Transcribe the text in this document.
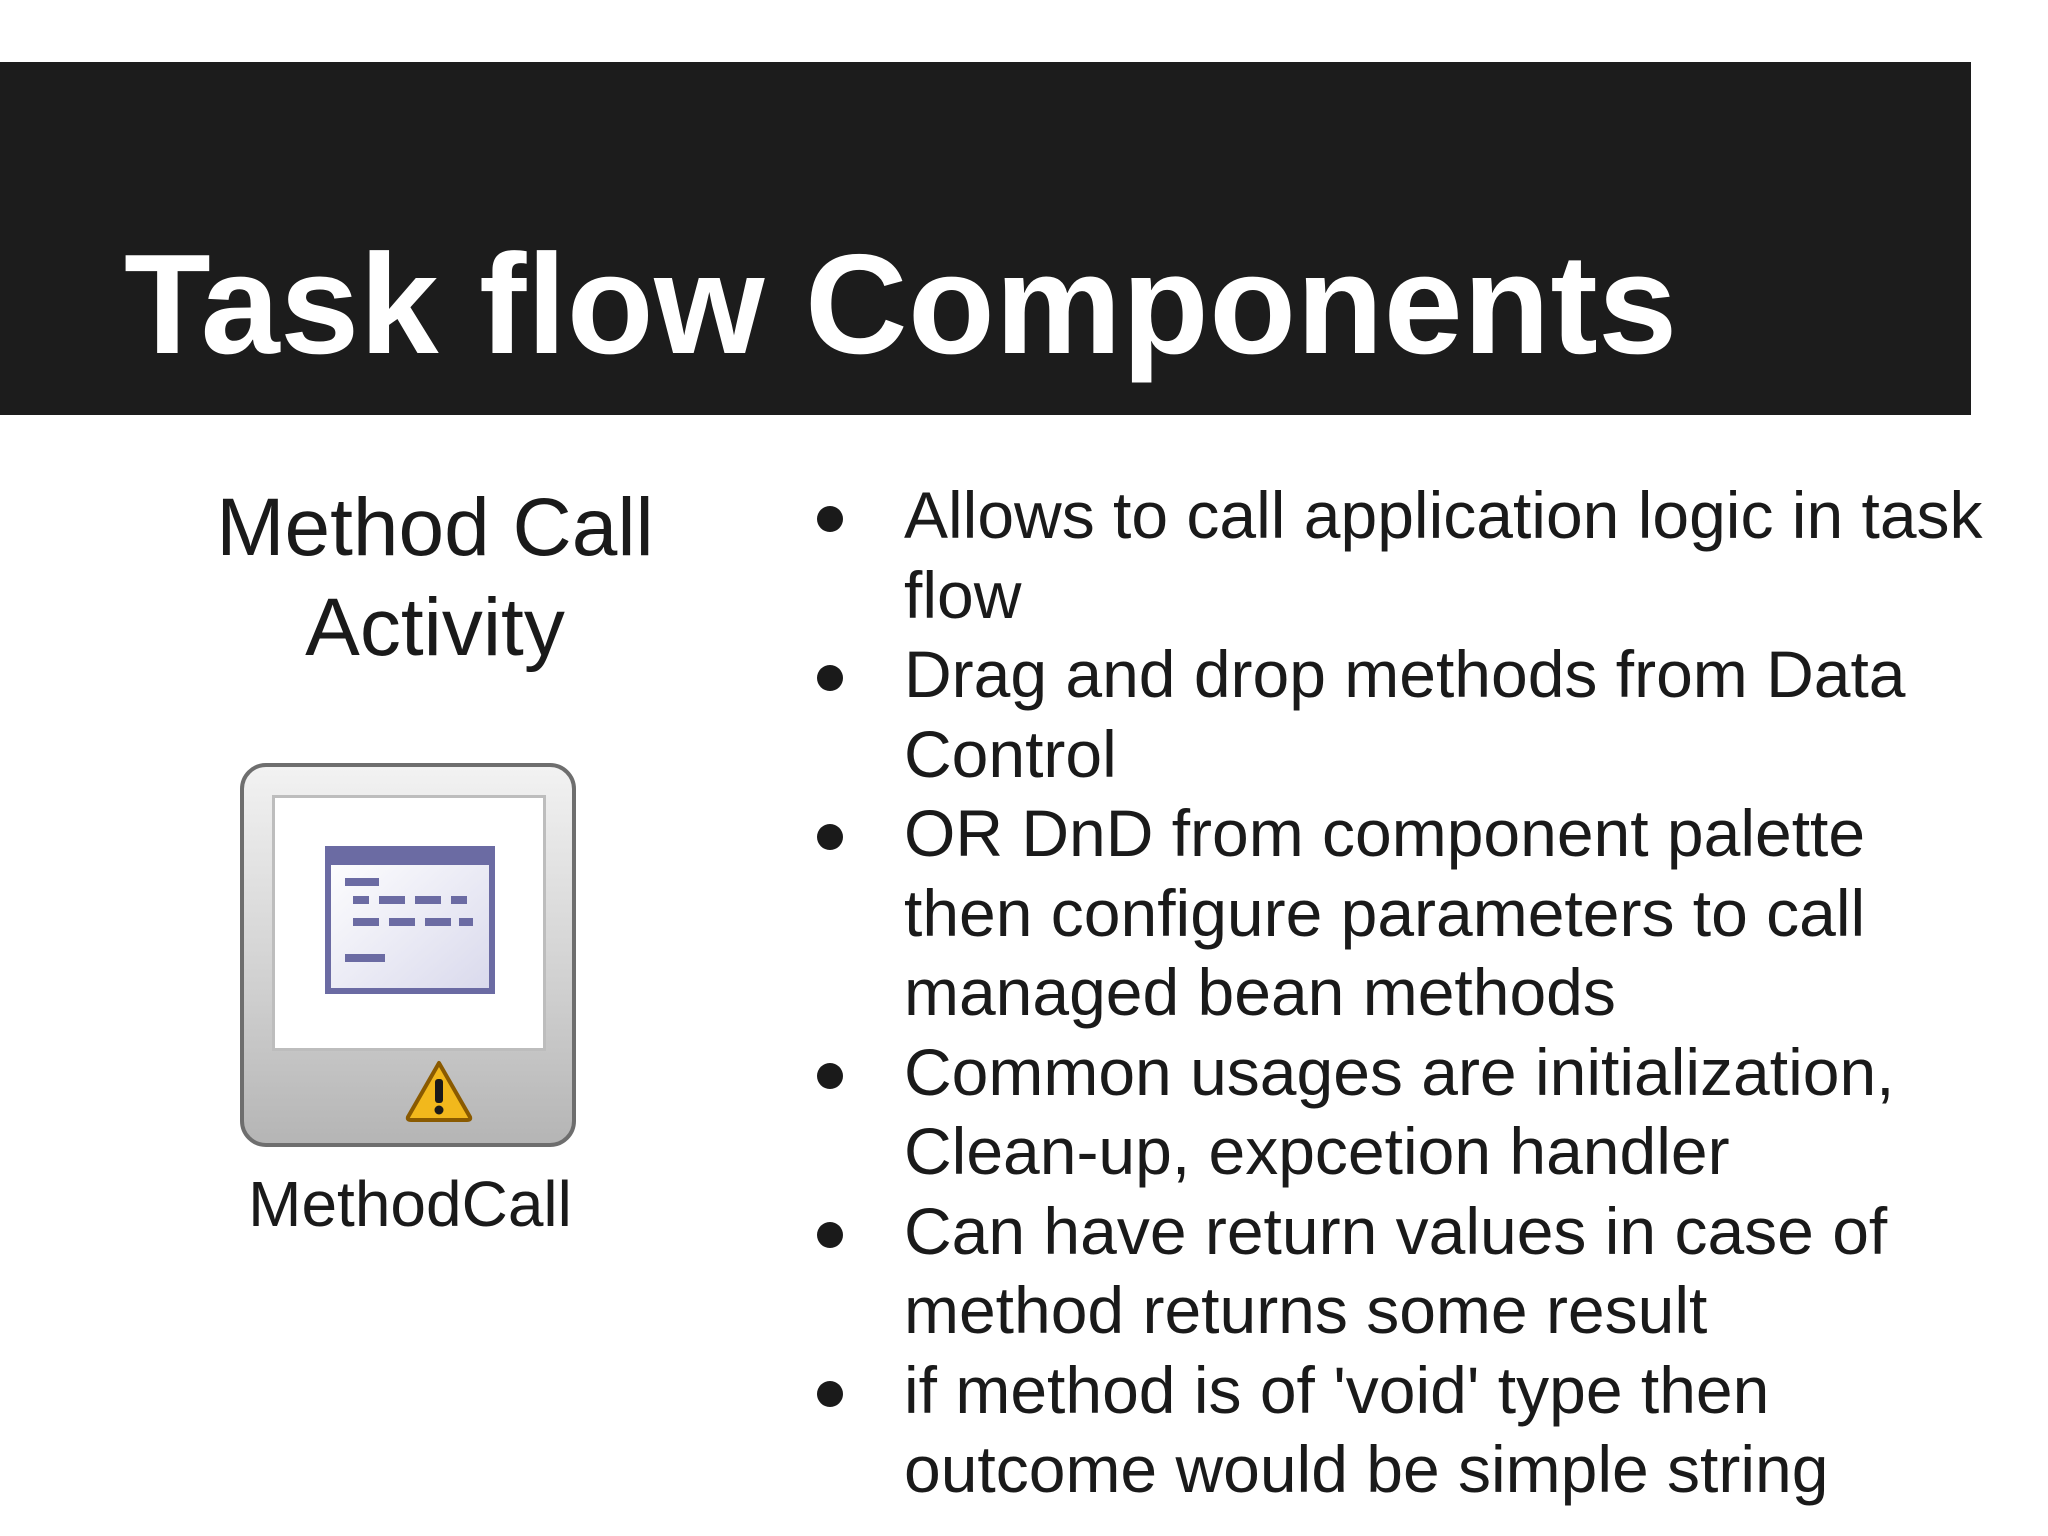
Task flow Components
Method Call
Activity
MethodCall
Allows to call application logic in task flow
Drag and drop methods from Data Control
OR DnD from component palette then configure parameters to call managed bean methods
Common usages are initialization, Clean-up, expcetion handler
Can have return values in case of method returns some result
if method is of 'void' type then outcome would be simple string
